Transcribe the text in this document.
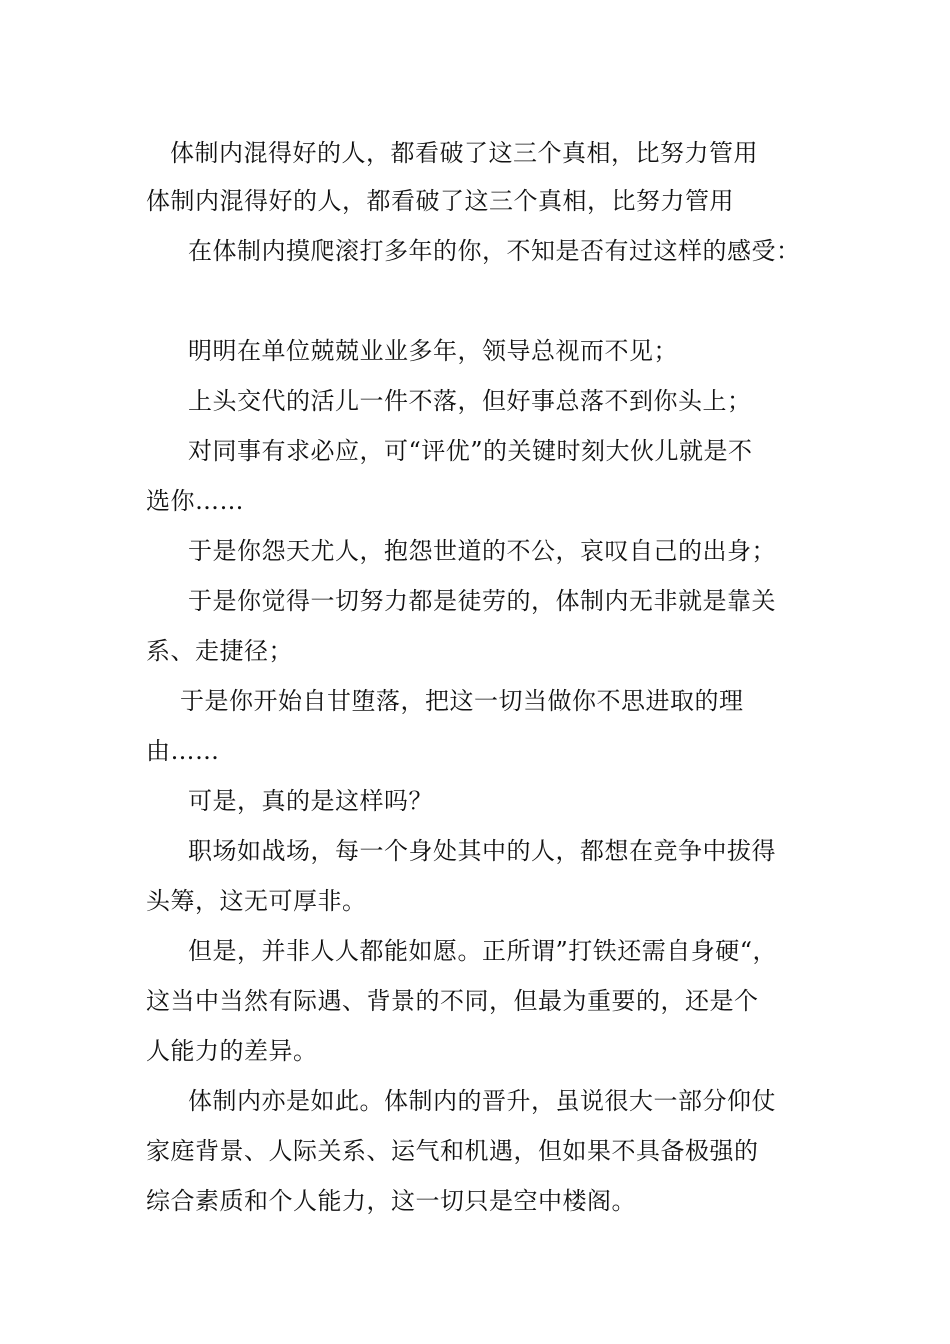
体制内混得好的人，都看破了这三个真相，比努力管用
体制内混得好的人，都看破了这三个真相，比努力管用
在体制内摸爬滚打多年的你，不知是否有过这样的感受：
明明在单位兢兢业业多年，领导总视而不见；
上头交代的活儿一件不落，但好事总落不到你头上；
对同事有求必应，可“评优”的关键时刻大伙儿就是不
选你……
于是你怨天尤人，抱怨世道的不公，哀叹自己的出身；
于是你觉得一切努力都是徒劳的，体制内无非就是靠关
系、走捷径；
于是你开始自甘堕落，把这一切当做你不思进取的理
由……
可是，真的是这样吗？
职场如战场，每一个身处其中的人，都想在竞争中拔得
头筹，这无可厚非。
但是，并非人人都能如愿。正所谓”打铁还需自身硬“，
这当中当然有际遇、背景的不同，但最为重要的，还是个
人能力的差异。
体制内亦是如此。体制内的晋升，虽说很大一部分仰仗
家庭背景、人际关系、运气和机遇，但如果不具备极强的
综合素质和个人能力，这一切只是空中楼阁。
